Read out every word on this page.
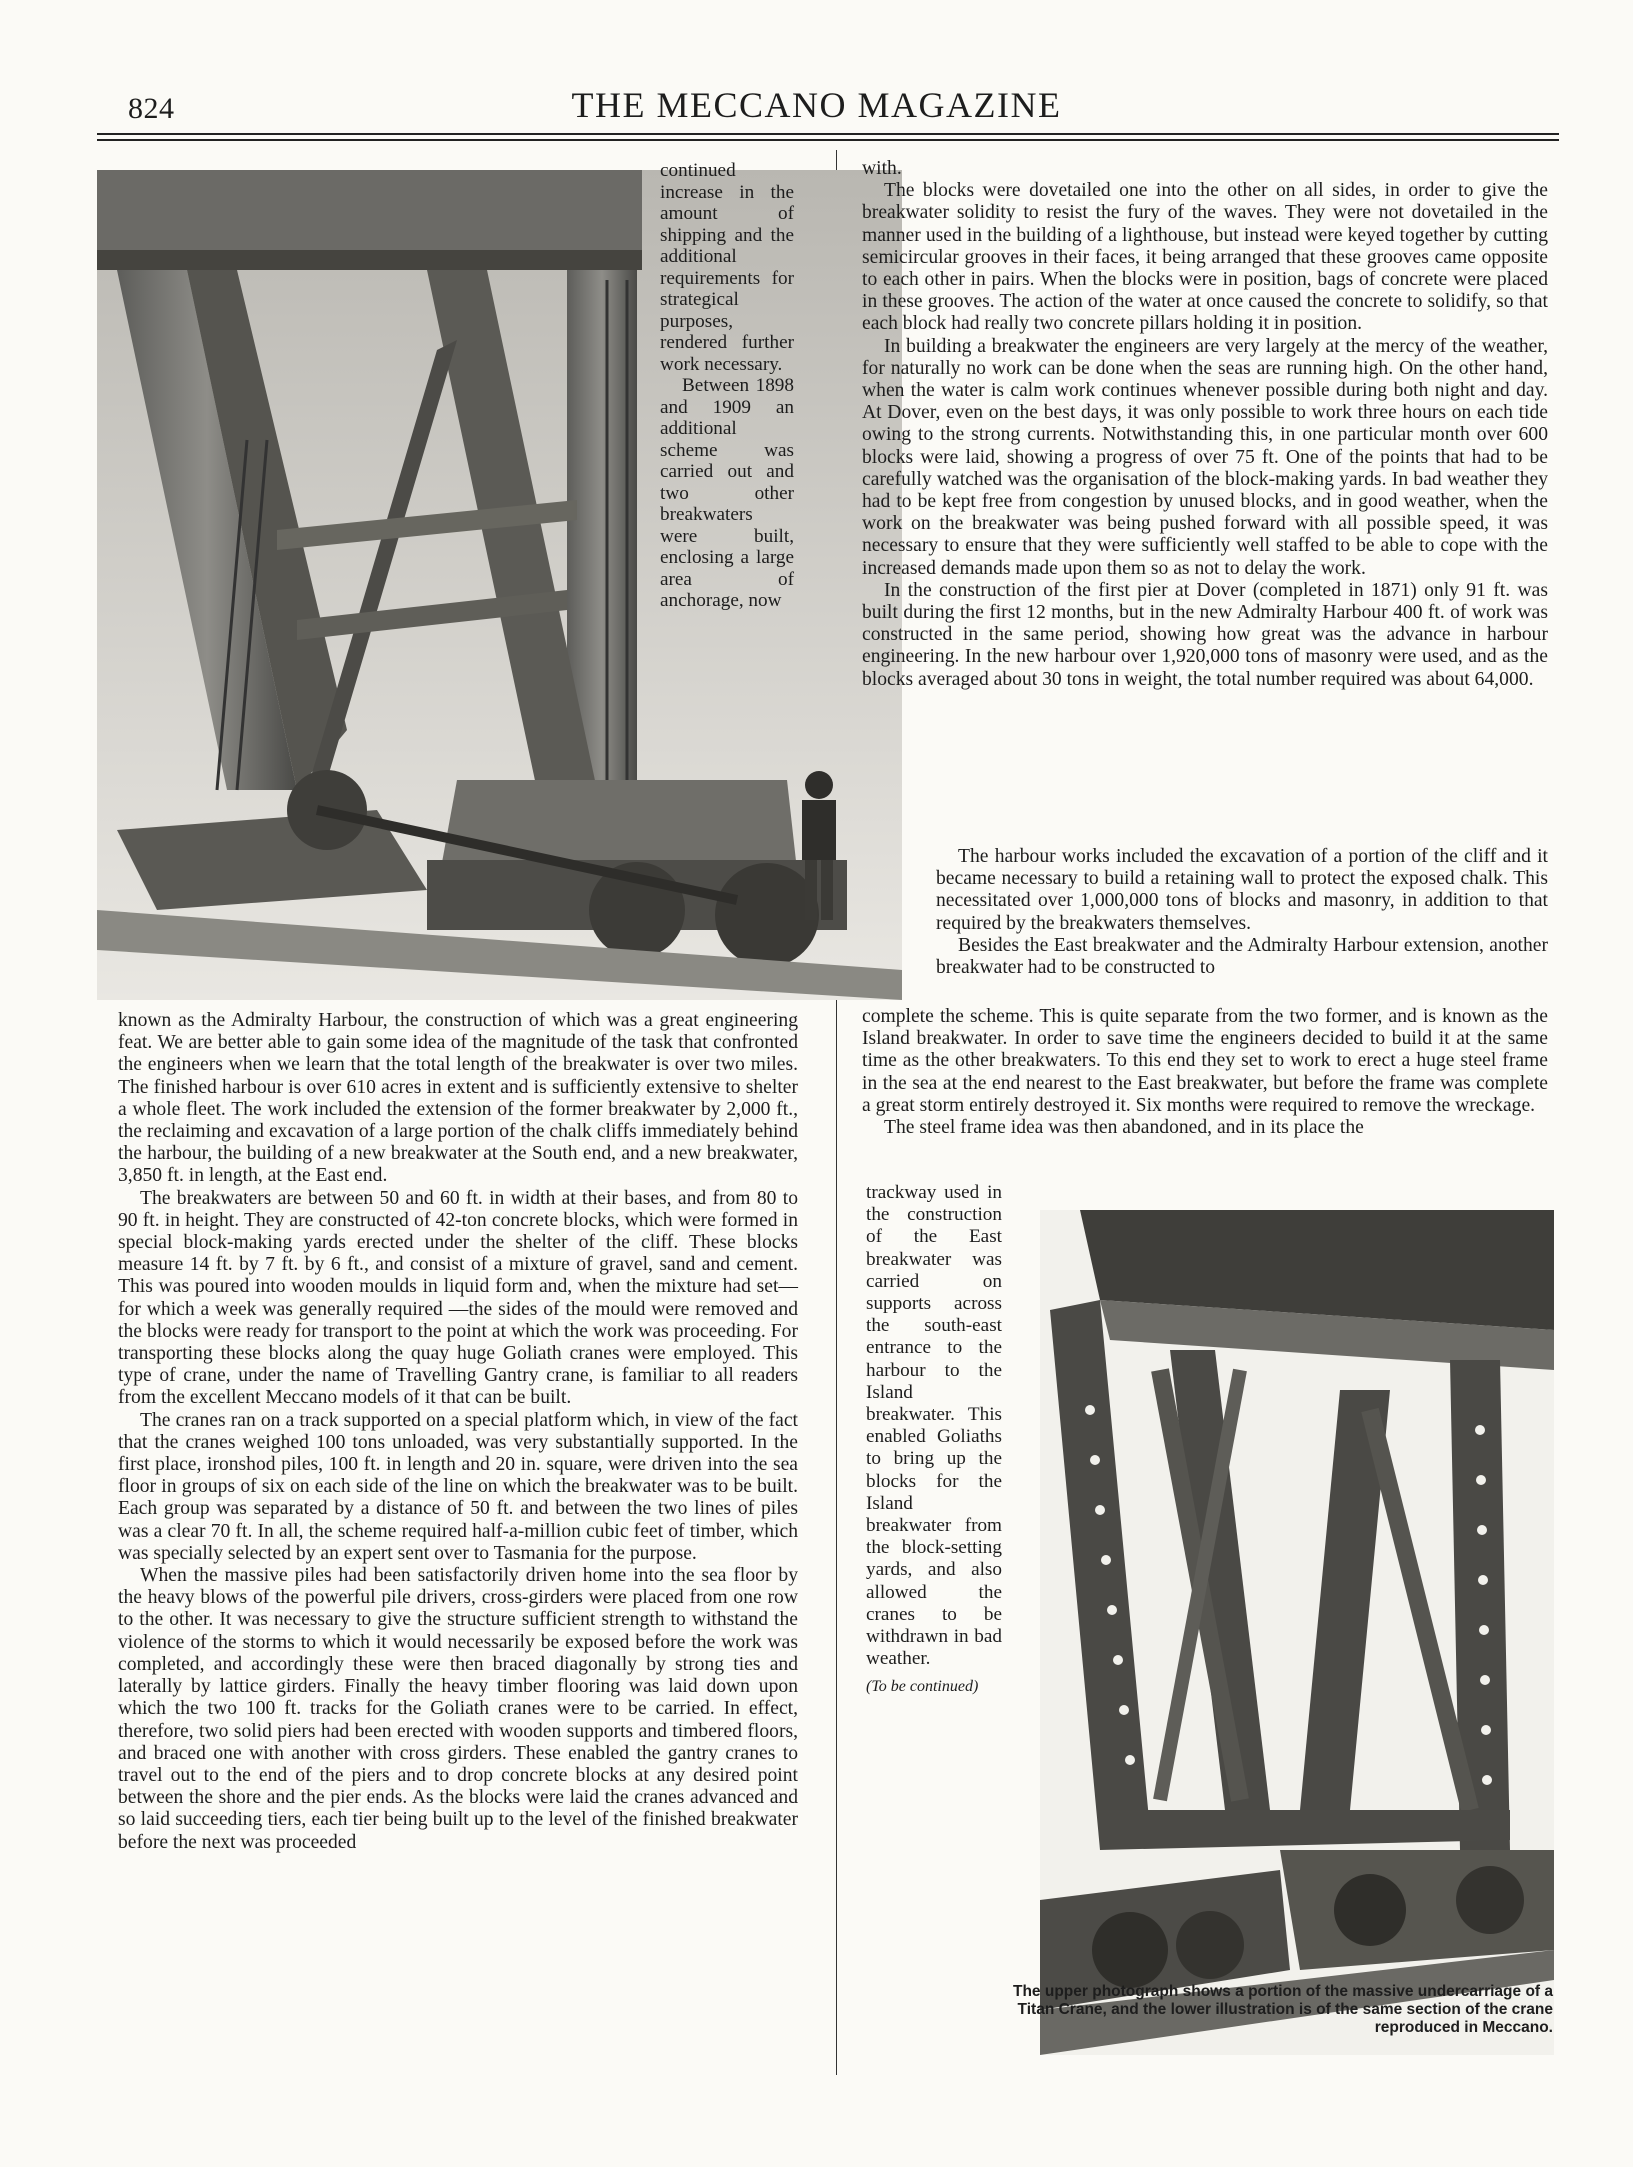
824	THE MECCANO MAGAZINE

continued increase in the amount of shipping and the additional requirements for strategical purposes, rendered further work necessary.

Between 1898 and 1909 an additional scheme was carried out and two other breakwaters were built, enclosing a large area of anchorage, now

known as the Admiralty Harbour, the construction of which was a great engineering feat. We are better able to gain some idea of the magnitude of the task that confronted the engineers when we learn that the total length of the breakwater is over two miles. The finished harbour is over 610 acres in extent and is sufficiently extensive to shelter a whole fleet. The work included the extension of the former breakwater by 2,000 ft., the reclaiming and excavation of a large portion of the chalk cliffs immediately behind the harbour, the building of a new breakwater at the South end, and a new breakwater, 3,850 ft. in length, at the East end.

The breakwaters are between 50 and 60 ft. in width at their bases, and from 80 to 90 ft. in height. They are constructed of 42-ton concrete blocks, which were formed in special block-making yards erected under the shelter of the cliff. These blocks measure 14 ft. by 7 ft. by 6 ft., and consist of a mixture of gravel, sand and cement. This was poured into wooden moulds in liquid form and, when the mixture had set—for which a week was generally required —the sides of the mould were removed and the blocks were ready for transport to the point at which the work was proceeding. For transporting these blocks along the quay huge Goliath cranes were employed. This type of crane, under the name of Travelling Gantry crane, is familiar to all readers from the excellent Meccano models of it that can be built.

The cranes ran on a track supported on a special platform which, in view of the fact that the cranes weighed 100 tons unloaded, was very substantially supported. In the first place, ironshod piles, 100 ft. in length and 20 in. square, were driven into the sea floor in groups of six on each side of the line on which the breakwater was to be built. Each group was separated by a distance of 50 ft. and between the two lines of piles was a clear 70 ft. In all, the scheme required half-a-million cubic feet of timber, which was specially selected by an expert sent over to Tasmania for the purpose.

When the massive piles had been satisfactorily driven home into the sea floor by the heavy blows of the powerful pile drivers, cross-girders were placed from one row to the other. It was necessary to give the structure sufficient strength to withstand the violence of the storms to which it would necessarily be exposed before the work was completed, and accordingly these were then braced diagonally by strong ties and laterally by lattice girders. Finally the heavy timber flooring was laid down upon which the two 100 ft. tracks for the Goliath cranes were to be carried. In effect, therefore, two solid piers had been erected with wooden supports and timbered floors, and braced one with another with cross girders. These enabled the gantry cranes to travel out to the end of the piers and to drop concrete blocks at any desired point between the shore and the pier ends. As the blocks were laid the cranes advanced and so laid succeeding tiers, each tier being built up to the level of the finished breakwater before the next was proceeded

with.

The blocks were dovetailed one into the other on all sides, in order to give the breakwater solidity to resist the fury of the waves. They were not dovetailed in the manner used in the building of a lighthouse, but instead were keyed together by cutting semicircular grooves in their faces, it being arranged that these grooves came opposite to each other in pairs. When the blocks were in position, bags of concrete were placed in these grooves. The action of the water at once caused the concrete to solidify, so that each block had really two concrete pillars holding it in position.

In building a breakwater the engineers are very largely at the mercy of the weather, for naturally no work can be done when the seas are running high. On the other hand, when the water is calm work continues whenever possible during both night and day. At Dover, even on the best days, it was only possible to work three hours on each tide owing to the strong currents. Notwithstanding this, in one particular month over 600 blocks were laid, showing a progress of over 75 ft. One of the points that had to be carefully watched was the organisation of the block-making yards. In bad weather they had to be kept free from congestion by unused blocks, and in good weather, when the work on the breakwater was being pushed forward with all possible speed, it was necessary to ensure that they were sufficiently well staffed to be able to cope with the increased demands made upon them so as not to delay the work.

In the construction of the first pier at Dover (completed in 1871) only 91 ft. was built during the first 12 months, but in the new Admiralty Harbour 400 ft. of work was constructed in the same period, showing how great was the advance in harbour engineering. In the new harbour over 1,920,000 tons of masonry were used, and as the blocks averaged about 30 tons in weight, the total number required was about 64,000.

The harbour works included the excavation of a portion of the cliff and it became necessary to build a retaining wall to protect the exposed chalk. This necessitated over 1,000,000 tons of blocks and masonry, in addition to that required by the breakwaters themselves.

Besides the East breakwater and the Admiralty Harbour extension, another breakwater had to be constructed to

complete the scheme. This is quite separate from the two former, and is known as the Island breakwater. In order to save time the engineers decided to build it at the same time as the other breakwaters. To this end they set to work to erect a huge steel frame in the sea at the end nearest to the East breakwater, but before the frame was complete a great storm entirely destroyed it. Six months were required to remove the wreckage.

The steel frame idea was then abandoned, and in its place the

trackway used in the construction of the East breakwater was carried on supports across the south-east entrance to the harbour to the Island breakwater. This enabled Goliaths to bring up the blocks for the Island breakwater from the block-setting yards, and also allowed the cranes to be withdrawn in bad weather.

(To be continued)
The upper photograph shows a portion of the massive undercarriage of a Titan Crane, and the lower illustration is of the same section of the crane reproduced in Meccano.
